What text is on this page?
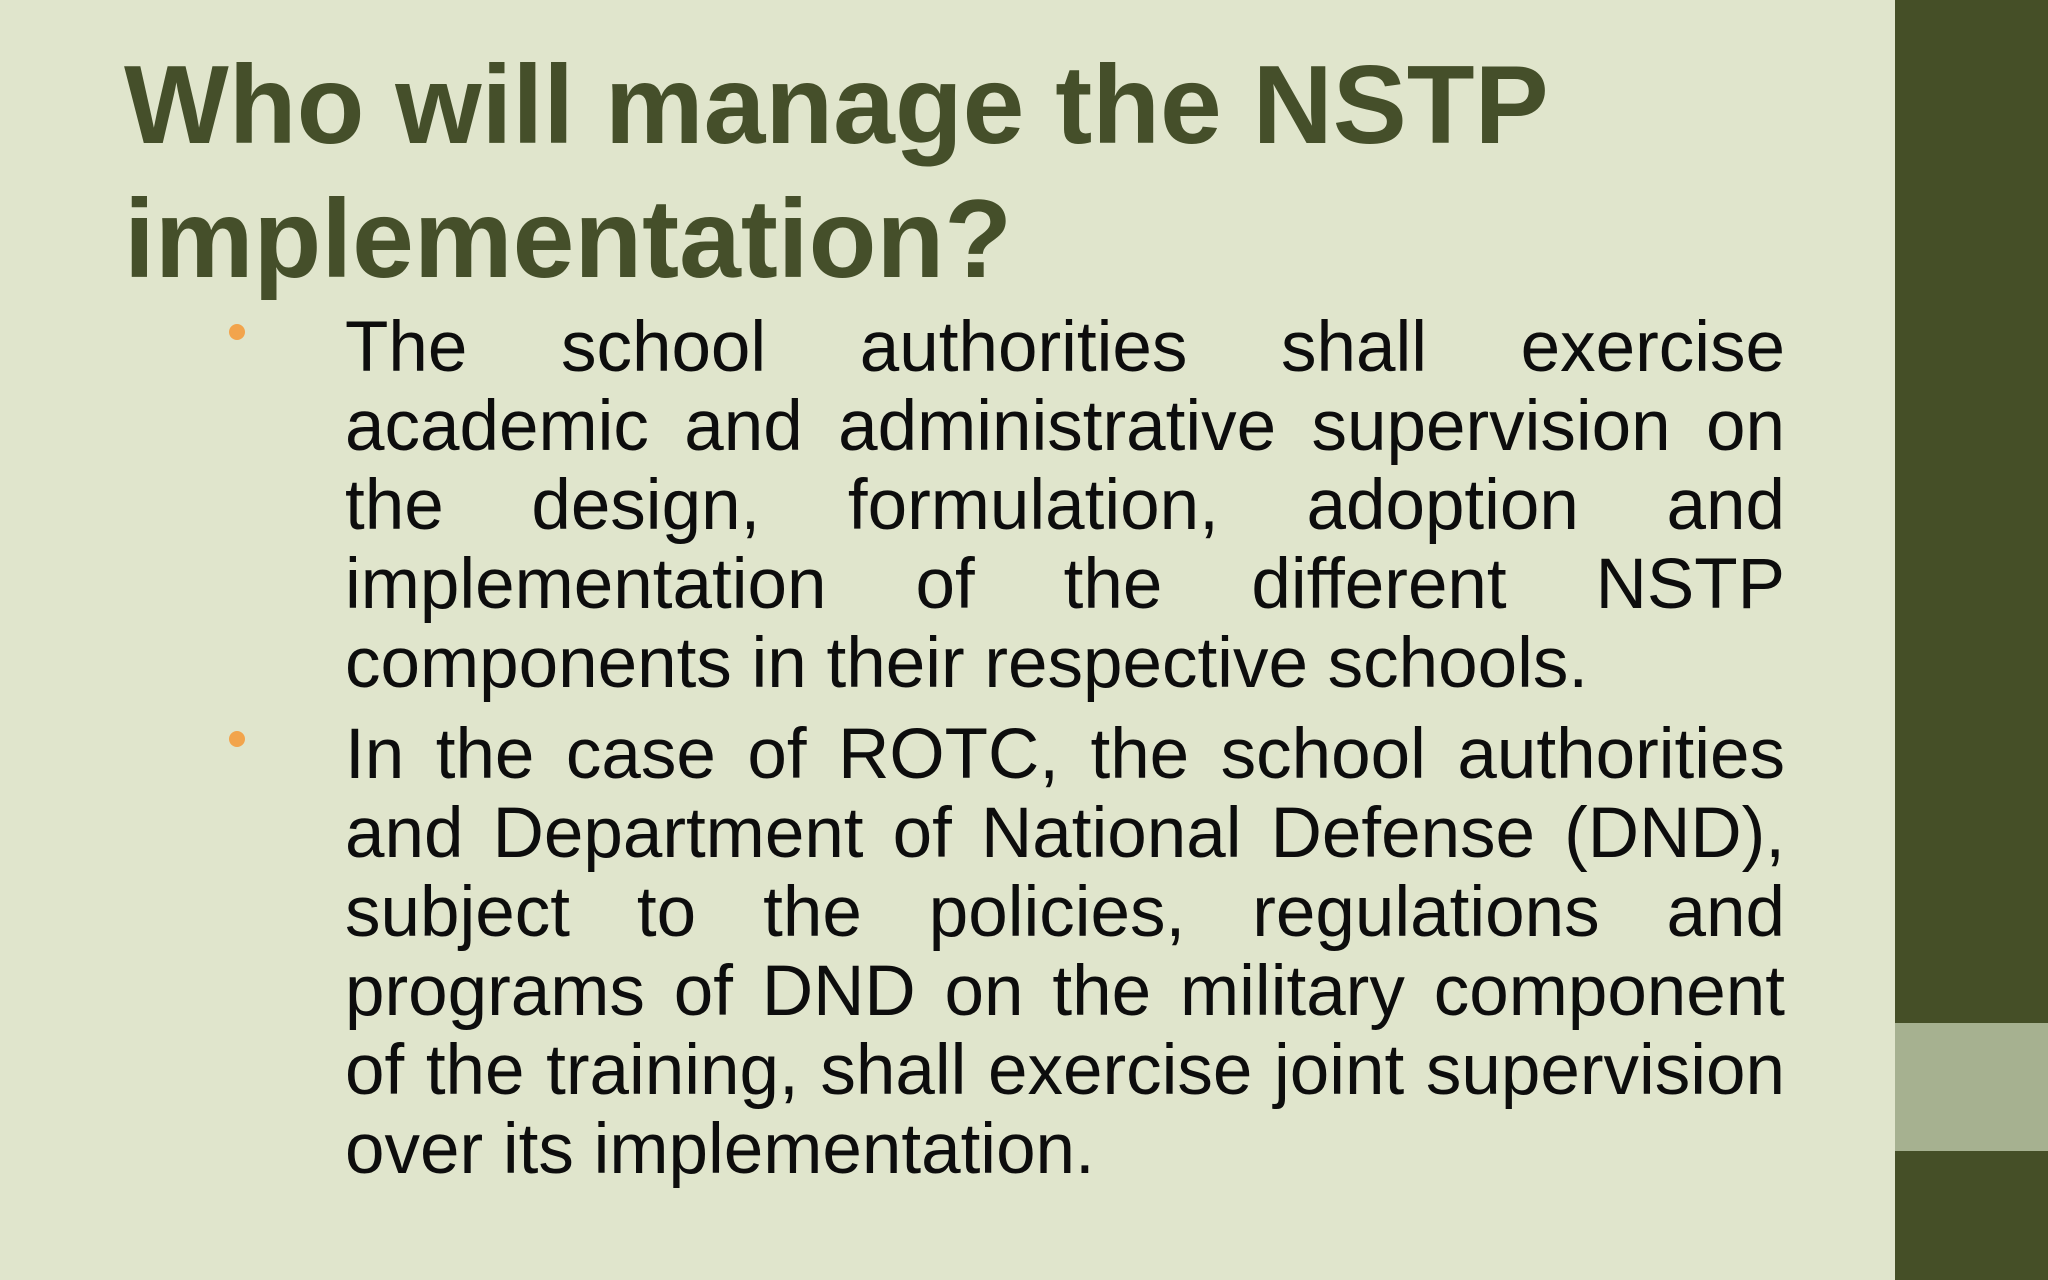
Who will manage the NSTP implementation?
The school authorities shall exercise academic and administrative supervision on the design, formulation, adoption and implementation of the different NSTP components in their respective schools.
In the case of ROTC, the school authorities and Department of National Defense (DND), subject to the policies, regulations and programs of DND on the military component of the training, shall exercise joint supervision over its implementation.
